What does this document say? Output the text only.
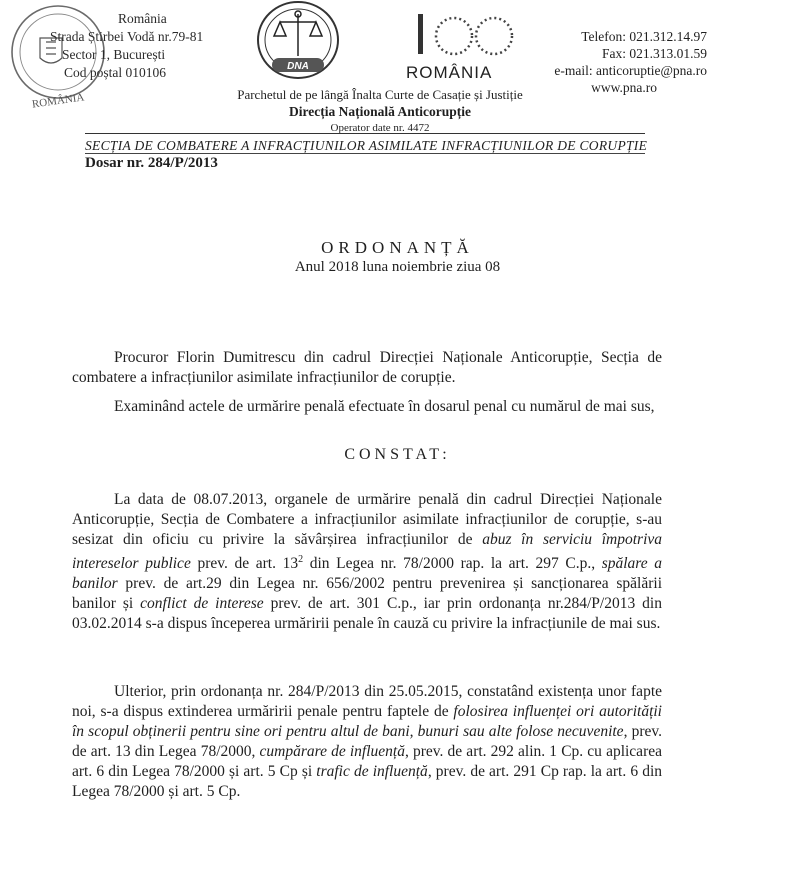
ROMÂNIA
România
Strada Știrbei Vodă nr.79-81
Sector 1, București
Cod poștal 010106	DNA	ROMÂNIA
Telefon: 021.312.14.97
Fax: 021.313.01.59
e-mail: anticoruptie@pna.ro
www.pna.ro
Parchetul de pe lângă Înalta Curte de Casație și Justiție
Direcția Națională Anticorupție
Operator date nr. 4472
SECȚIA DE COMBATERE A INFRACȚIUNILOR ASIMILATE INFRACȚIUNILOR DE CORUPȚIE
Dosar nr. 284/P/2013
ORDONANȚĂ
Anul 2018 luna noiembrie ziua 08
Procuror Florin Dumitrescu din cadrul Direcției Naționale Anticorupție, Secția de combatere a infracțiunilor asimilate infracțiunilor de corupție.
Examinând actele de urmărire penală efectuate în dosarul penal cu numărul de mai sus,
CONSTAT:
La data de 08.07.2013, organele de urmărire penală din cadrul Direcției Naționale Anticorupție, Secția de Combatere a infracțiunilor asimilate infracțiunilor de corupție, s-au sesizat din oficiu cu privire la săvârșirea infracțiunilor de abuz în serviciu împotriva intereselor publice prev. de art. $13^2$ din Legea nr. 78/2000 rap. la art. 297 C.p., spălare a banilor prev. de art.29 din Legea nr. 656/2002 pentru prevenirea și sancționarea spălării banilor și conflict de interese prev. de art. 301 C.p., iar prin ordonanța nr.284/P/2013 din 03.02.2014 s-a dispus începerea urmăririi penale în cauză cu privire la infracțiunile de mai sus.
Ulterior, prin ordonanța nr. 284/P/2013 din 25.05.2015, constatând existența unor fapte noi, s-a dispus extinderea urmăririi penale pentru faptele de folosirea influenței ori autorității în scopul obținerii pentru sine ori pentru altul de bani, bunuri sau alte folose necuvenite, prev. de art. 13 din Legea 78/2000, cumpărare de influență, prev. de art. 292 alin. 1 Cp. cu aplicarea art. 6 din Legea 78/2000 și art. 5 Cp și trafic de influență, prev. de art. 291 Cp rap. la art. 6 din Legea 78/2000 și art. 5 Cp.
